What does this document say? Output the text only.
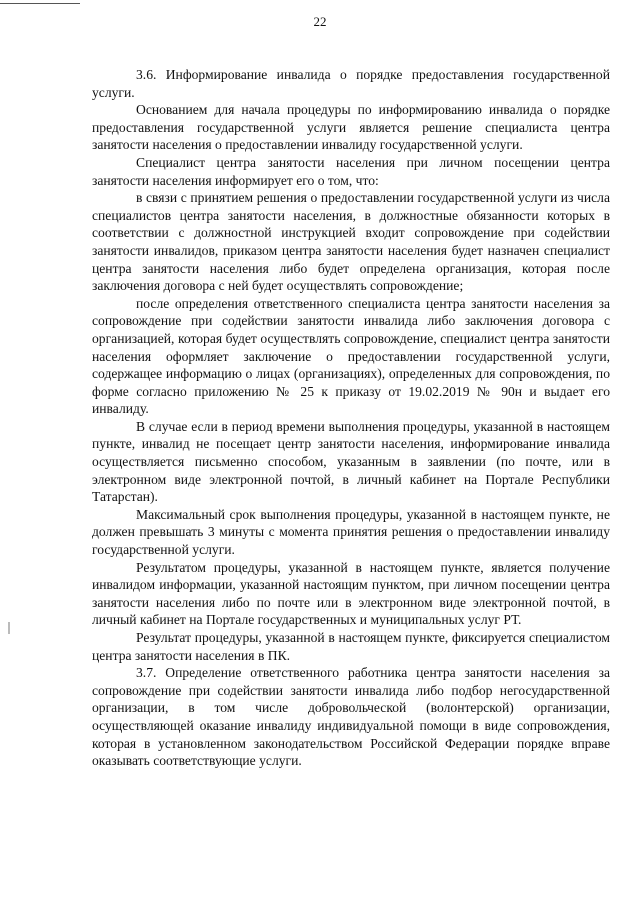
22

3.6. Информирование инвалида о порядке предоставления государственной услуги.

Основанием для начала процедуры по информированию инвалида о порядке предоставления государственной услуги является решение специалиста центра занятости населения о предоставлении инвалиду государственной услуги.

Специалист центра занятости населения при личном посещении центра занятости населения информирует его о том, что:

в связи с принятием решения о предоставлении государственной услуги из числа специалистов центра занятости населения, в должностные обязанности которых в соответствии с должностной инструкцией входит сопровождение при содействии занятости инвалидов, приказом центра занятости населения будет назначен специалист центра занятости населения либо будет определена организация, которая после заключения договора с ней будет осуществлять сопровождение;

после определения ответственного специалиста центра занятости населения за сопровождение при содействии занятости инвалида либо заключения договора с организацией, которая будет осуществлять сопровождение, специалист центра занятости населения оформляет заключение о предоставлении государственной услуги, содержащее информацию о лицах (организациях), определенных для сопровождения, по форме согласно приложению № 25 к приказу от 19.02.2019 № 90н и выдает его инвалиду.

В случае если в период времени выполнения процедуры, указанной в настоящем пункте, инвалид не посещает центр занятости населения, информирование инвалида осуществляется письменно способом, указанным в заявлении (по почте, или в электронном виде электронной почтой, в личный кабинет на Портале Республики Татарстан).

Максимальный срок выполнения процедуры, указанной в настоящем пункте, не должен превышать 3 минуты с момента принятия решения о предоставлении инвалиду государственной услуги.

Результатом процедуры, указанной в настоящем пункте, является получение инвалидом информации, указанной настоящим пунктом, при личном посещении центра занятости населения либо по почте или в электронном виде электронной почтой, в личный кабинет на Портале государственных и муниципальных услуг РТ.

Результат процедуры, указанной в настоящем пункте, фиксируется специалистом центра занятости населения в ПК.

3.7. Определение ответственного работника центра занятости населения за сопровождение при содействии занятости инвалида либо подбор негосударственной организации, в том числе добровольческой (волонтерской) организации, осуществляющей оказание инвалиду индивидуальной помощи в виде сопровождения, которая в установленном законодательством Российской Федерации порядке вправе оказывать соответствующие услуги.
